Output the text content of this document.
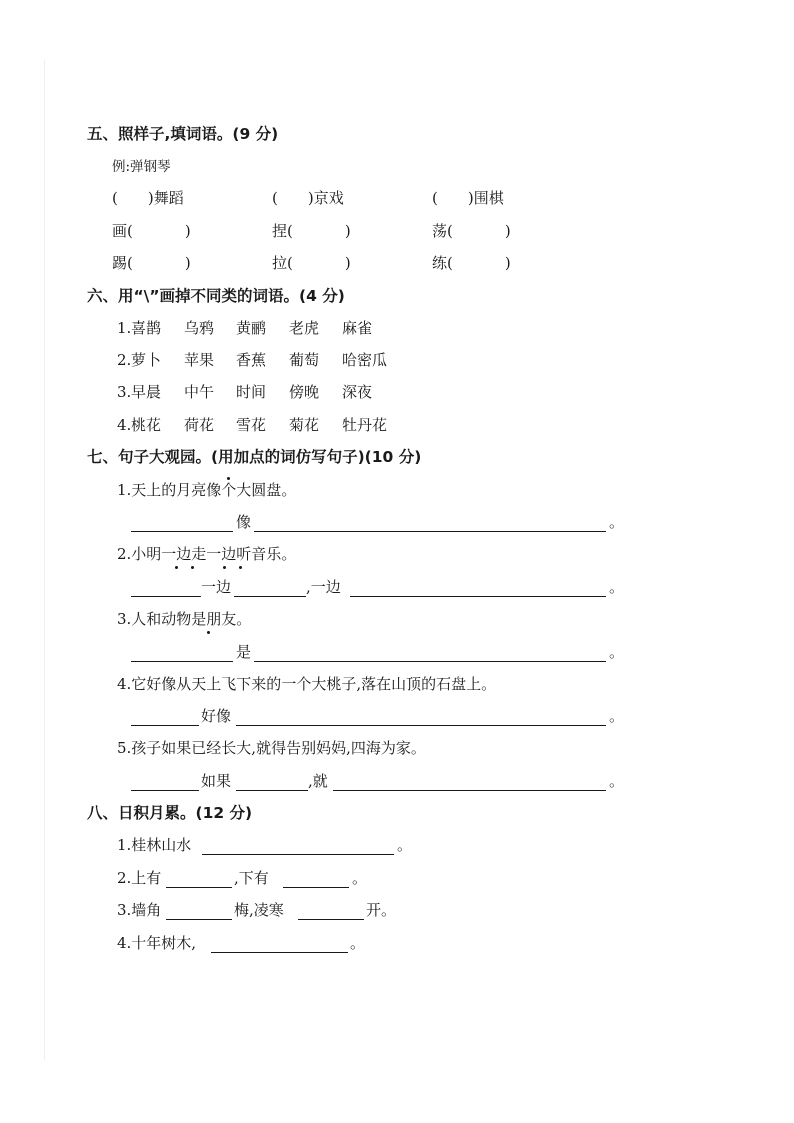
五、照样子,填词语。(9 分)
例:弹钢琴
( )舞蹈	( )京戏	( )围棋
画(	)	捏(	)	荡(	)
踢(	)	拉(	)	练(	)
六、用“\”画掉不同类的词语。(4 分)
1. 喜鹊 乌鸦 黄鹂 老虎 麻雀
2. 萝卜 苹果 香蕉 葡萄 哈密瓜
3. 早晨 中午 时间 傍晚 深夜
4. 桃花 荷花 雪花 菊花 牡丹花
七、句子大观园。(用加点的词仿写句子)(10 分)
1.天上的月亮像个大圆盘。
像	。
2.小明一边走一边听音乐。
一边	,一边	。
3.人和动物是朋友。
是	。
4.它好像从天上飞下来的一个大桃子,落在山顶的石盘上。
好像	。
5.孩子如果已经长大,就得告别妈妈,四海为家。
如果	,就	。
八、日积月累。(12 分)
1.桂林山水	。
2.上有	,下有	。
3.墙角	梅,凌寒	开。
4.十年树木,	。
